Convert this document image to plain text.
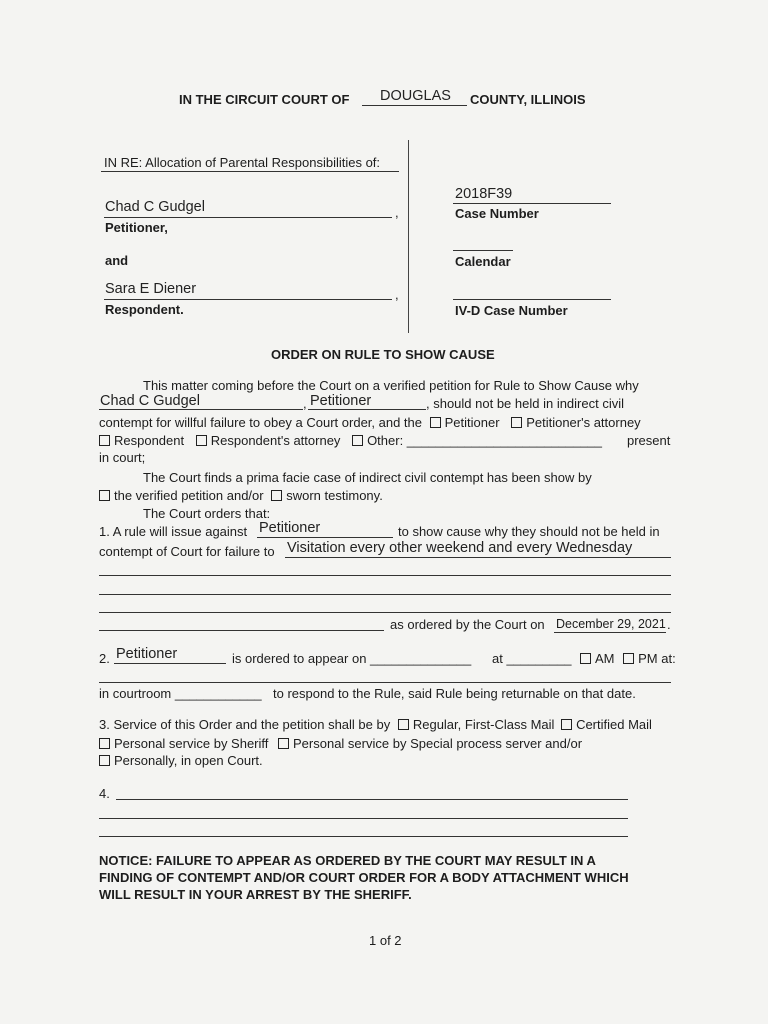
IN THE CIRCUIT COURT OF DOUGLAS COUNTY, ILLINOIS
IN RE: Allocation of Parental Responsibilities of:
Chad C Gudgel	,
Petitioner,
and
Sara E Diener	,
Respondent.
2018F39
Case Number
Calendar
IV-D Case Number
ORDER ON RULE TO SHOW CAUSE
This matter coming before the Court on a verified petition for Rule to Show Cause why
Chad C Gudgel	, Petitioner	, should not be held in indirect civil
contempt for willful failure to obey a Court order, and the Petitioner Petitioner's attorney
Respondent Respondent's attorney Other: ___________________________ present
in court;
The Court finds a prima facie case of indirect civil contempt has been show by
the verified petition and/or sworn testimony.
The Court orders that:
1. A rule will issue against Petitioner	to show cause why they should not be held in
contempt of Court for failure to Visitation every other weekend and every Wednesday
as ordered by the Court on December 29, 2021 .
2. Petitioner	is ordered to appear on ______________ at _________	AM PM at:
in courtroom ____________ to respond to the Rule, said Rule being returnable on that date.
3. Service of this Order and the petition shall be by Regular, First-Class Mail Certified Mail
Personal service by Sheriff Personal service by Special process server and/or
Personally, in open Court.
4.
NOTICE: FAILURE TO APPEAR AS ORDERED BY THE COURT MAY RESULT IN A
FINDING OF CONTEMPT AND/OR COURT ORDER FOR A BODY ATTACHMENT WHICH
WILL RESULT IN YOUR ARREST BY THE SHERIFF.
1 of 2
